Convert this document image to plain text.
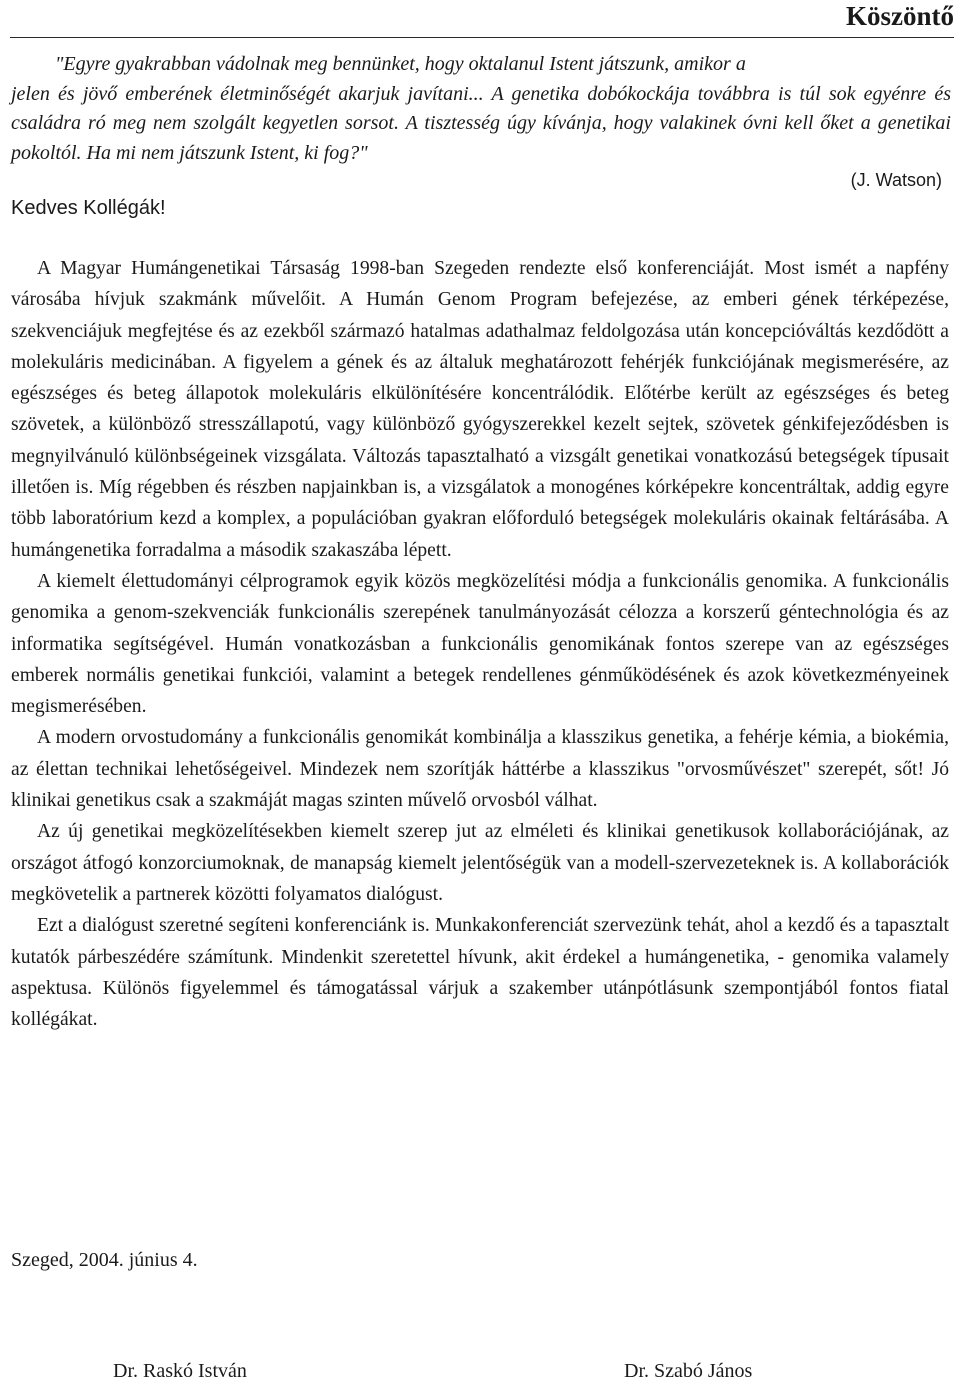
Köszöntő
"Egyre gyakrabban vádolnak meg bennünket, hogy oktalanul Istent játszunk, amikor a
jelen és jövő emberének életminőségét akarjuk javítani... A genetika dobókockája továbbra is túl sok egyénre és családra ró meg nem szolgált kegyetlen sorsot. A tisztesség úgy kívánja, hogy valakinek óvni kell őket a genetikai pokoltól. Ha mi nem játszunk Istent, ki fog?"
(J. Watson)
Kedves Kollégák!

A Magyar Humángenetikai Társaság 1998-ban Szegeden rendezte első konferenciáját. Most ismét a napfény városába hívjuk szakmánk művelőit. A Humán Genom Program befejezése, az emberi gének térképezése, szekvenciájuk megfejtése és az ezekből származó hatalmas adathalmaz feldolgozása után koncepcióváltás kezdődött a molekuláris medicinában. A figyelem a gének és az általuk meghatározott fehérjék funkciójának megismerésére, az egészséges és beteg állapotok molekuláris elkülönítésére koncentrálódik. Előtérbe került az egészséges és beteg szövetek, a különböző stresszállapotú, vagy különböző gyógyszerekkel kezelt sejtek, szövetek génkifejeződésben is megnyilvánuló különbségeinek vizsgálata. Változás tapasztalható a vizsgált genetikai vonatkozású betegségek típusait illetően is. Míg régebben és részben napjainkban is, a vizsgálatok a monogénes kórképekre koncentráltak, addig egyre több laboratórium kezd a komplex, a populációban gyakran előforduló betegségek molekuláris okainak feltárásába. A humángenetika forradalma a második szakaszába lépett.

A kiemelt élettudományi célprogramok egyik közös megközelítési módja a funkcionális genomika. A funkcionális genomika a genom-szekvenciák funkcionális szerepének tanulmányozását célozza a korszerű géntechnológia és az informatika segítségével. Humán vonatkozásban a funkcionális genomikának fontos szerepe van az egészséges emberek normális genetikai funkciói, valamint a betegek rendellenes génműködésének és azok következményeinek megismerésében.

A modern orvostudomány a funkcionális genomikát kombinálja a klasszikus genetika, a fehérje kémia, a biokémia, az élettan technikai lehetőségeivel. Mindezek nem szorítják háttérbe a klasszikus "orvosművészet" szerepét, sőt! Jó klinikai genetikus csak a szakmáját magas szinten művelő orvosból válhat.

Az új genetikai megközelítésekben kiemelt szerep jut az elméleti és klinikai genetikusok kollaborációjának, az országot átfogó konzorciumoknak, de manapság kiemelt jelentőségük van a modell-szervezeteknek is. A kollaborációk megkövetelik a partnerek közötti folyamatos dialógust.

Ezt a dialógust szeretné segíteni konferenciánk is. Munkakonferenciát szervezünk tehát, ahol a kezdő és a tapasztalt kutatók párbeszédére számítunk. Mindenkit szeretettel hívunk, akit érdekel a humángenetika, - genomika valamely aspektusa. Különös figyelemmel és támogatással várjuk a szakember utánpótlásunk szempontjából fontos fiatal kollégákat.

Szeged, 2004. június 4.
Dr. Raskó István	Dr. Szabó János
